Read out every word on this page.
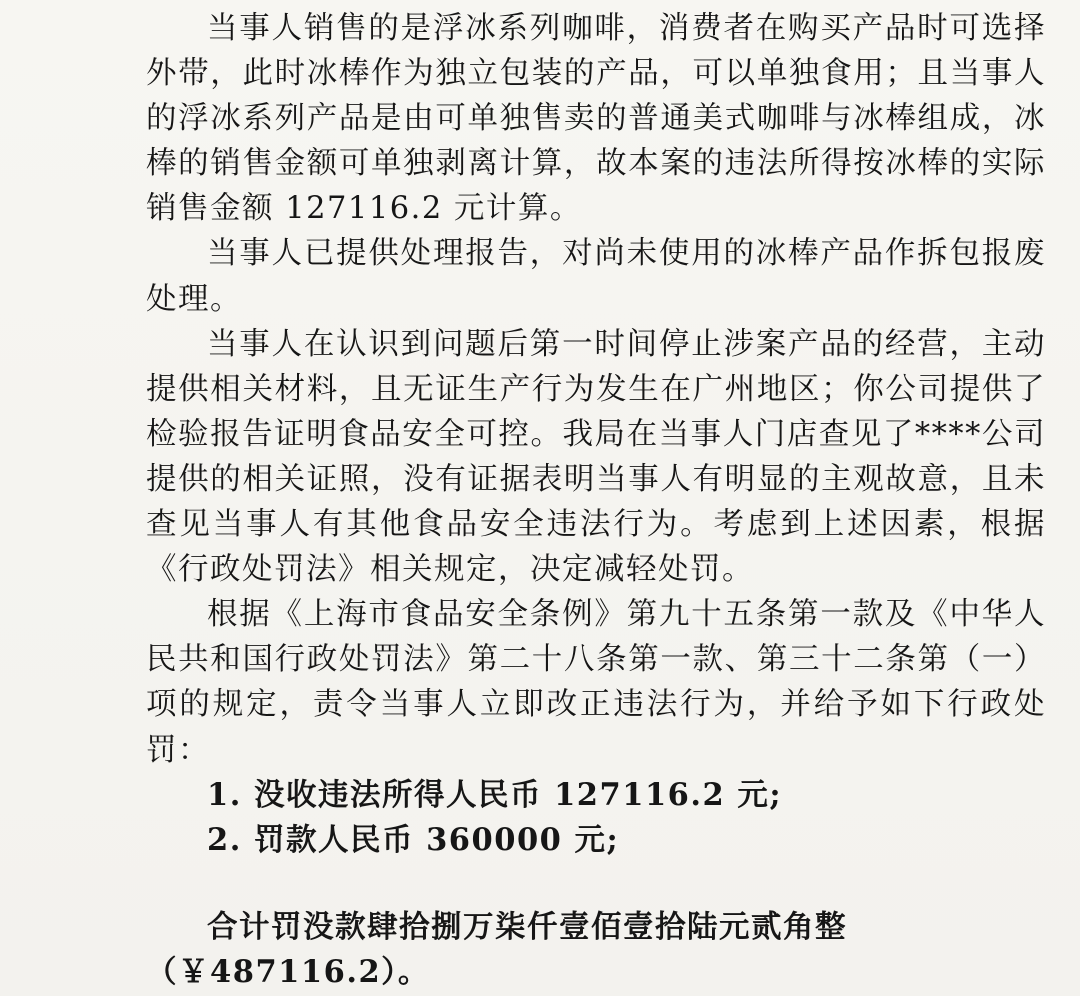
当事人销售的是浮冰系列咖啡，消费者在购买产品时可选择外带，此时冰棒作为独立包装的产品，可以单独食用；且当事人的浮冰系列产品是由可单独售卖的普通美式咖啡与冰棒组成，冰棒的销售金额可单独剥离计算，故本案的违法所得按冰棒的实际销售金额 127116.2 元计算。

当事人已提供处理报告，对尚未使用的冰棒产品作拆包报废处理。

当事人在认识到问题后第一时间停止涉案产品的经营，主动提供相关材料，且无证生产行为发生在广州地区；你公司提供了检验报告证明食品安全可控。我局在当事人门店查见了****公司提供的相关证照，没有证据表明当事人有明显的主观故意，且未查见当事人有其他食品安全违法行为。考虑到上述因素，根据《行政处罚法》相关规定，决定减轻处罚。

根据《上海市食品安全条例》第九十五条第一款及《中华人民共和国行政处罚法》第二十八条第一款、第三十二条第（一）项的规定，责令当事人立即改正违法行为，并给予如下行政处罚：

1. 没收违法所得人民币 127116.2 元;

2. 罚款人民币 360000 元;

合计罚没款肆拾捌万柒仟壹佰壹拾陆元贰角整（￥487116.2）。
